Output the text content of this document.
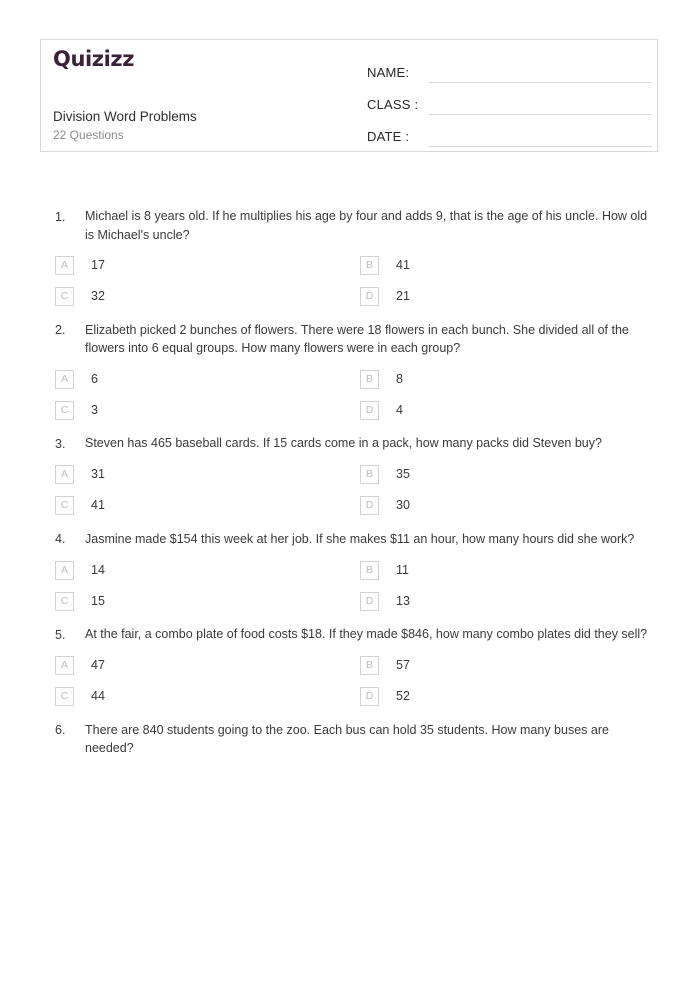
Quizizz
Division Word Problems
22 Questions
NAME:
CLASS :
DATE :
1.	Michael is 8 years old. If he multiplies his age by four and adds 9, that is the age of his uncle. How old is Michael's uncle?
A	17	B	41
C	32	D	21
2.	Elizabeth picked 2 bunches of flowers. There were 18 flowers in each bunch. She divided all of the flowers into 6 equal groups. How many flowers were in each group?
A	6	B	8
C	3	D	4
3.	Steven has 465 baseball cards. If 15 cards come in a pack, how many packs did Steven buy?
A	31	B	35
C	41	D	30
4.	Jasmine made $154 this week at her job. If she makes $11 an hour, how many hours did she work?
A	14	B	11
C	15	D	13
5.	At the fair, a combo plate of food costs $18. If they made $846, how many combo plates did they sell?
A	47	B	57
C	44	D	52
6.	There are 840 students going to the zoo. Each bus can hold 35 students. How many buses are needed?
